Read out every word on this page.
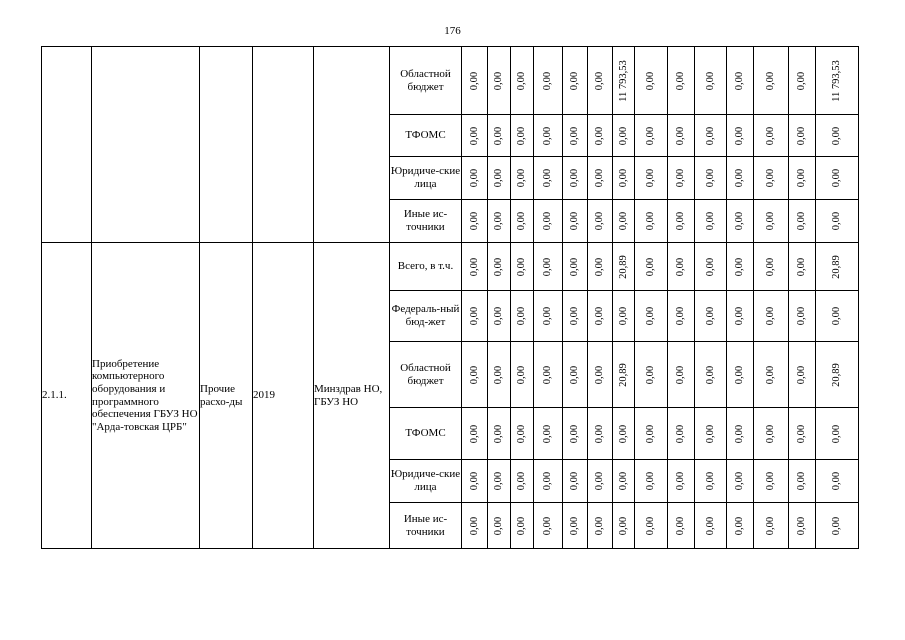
176
					Областной бюджет	0,00	0,00	0,00	0,00	0,00	0,00	11 793,53	0,00	0,00	0,00	0,00	0,00	0,00	11 793,53

					ТФОМС	0,00	0,00	0,00	0,00	0,00	0,00	0,00	0,00	0,00	0,00	0,00	0,00	0,00	0,00

					Юридиче-ские лица	0,00	0,00	0,00	0,00	0,00	0,00	0,00	0,00	0,00	0,00	0,00	0,00	0,00	0,00

					Иные ис-точники	0,00	0,00	0,00	0,00	0,00	0,00	0,00	0,00	0,00	0,00	0,00	0,00	0,00	0,00

2.1.1.	Приобретение компьютерного оборудования и программного обеспечения ГБУЗ НО "Арда-товская ЦРБ"	Прочие расхо-ды	2019	Минздрав НО, ГБУЗ НО	Всего, в т.ч.	0,00	0,00	0,00	0,00	0,00	0,00	20,89	0,00	0,00	0,00	0,00	0,00	0,00	20,89

					Федераль-ный бюд-жет	0,00	0,00	0,00	0,00	0,00	0,00	0,00	0,00	0,00	0,00	0,00	0,00	0,00	0,00

					Областной бюджет	0,00	0,00	0,00	0,00	0,00	0,00	20,89	0,00	0,00	0,00	0,00	0,00	0,00	20,89

					ТФОМС	0,00	0,00	0,00	0,00	0,00	0,00	0,00	0,00	0,00	0,00	0,00	0,00	0,00	0,00

					Юридиче-ские лица	0,00	0,00	0,00	0,00	0,00	0,00	0,00	0,00	0,00	0,00	0,00	0,00	0,00	0,00

					Иные ис-точники	0,00	0,00	0,00	0,00	0,00	0,00	0,00	0,00	0,00	0,00	0,00	0,00	0,00	0,00
